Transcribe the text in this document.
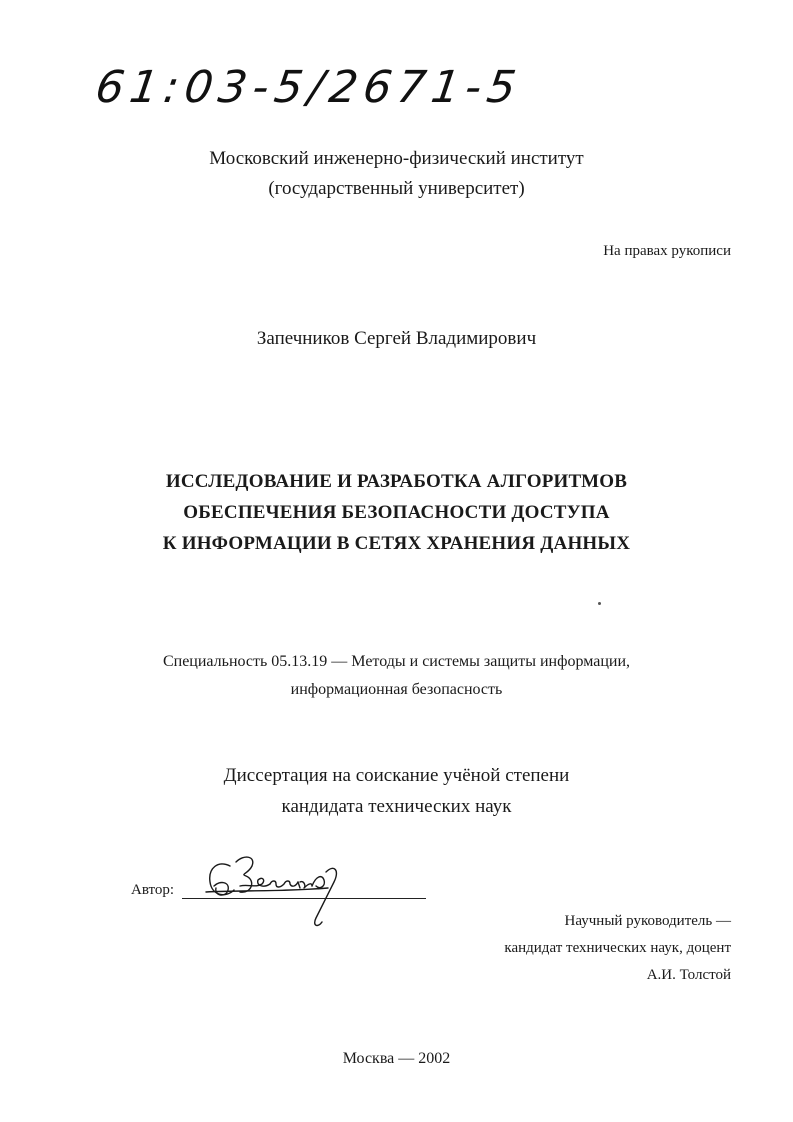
61:03-5/2671-5
Московский инженерно-физический институт
(государственный университет)
На правах рукописи
Запечников Сергей Владимирович
ИССЛЕДОВАНИЕ И РАЗРАБОТКА АЛГОРИТМОВ
ОБЕСПЕЧЕНИЯ БЕЗОПАСНОСТИ ДОСТУПА
К ИНФОРМАЦИИ В СЕТЯХ ХРАНЕНИЯ ДАННЫХ
Специальность 05.13.19 — Методы и системы защиты информации,
информационная безопасность
Диссертация на соискание учёной степени
кандидата технических наук
Автор:
Научный руководитель —
кандидат технических наук, доцент
А.И. Толстой
Москва — 2002
